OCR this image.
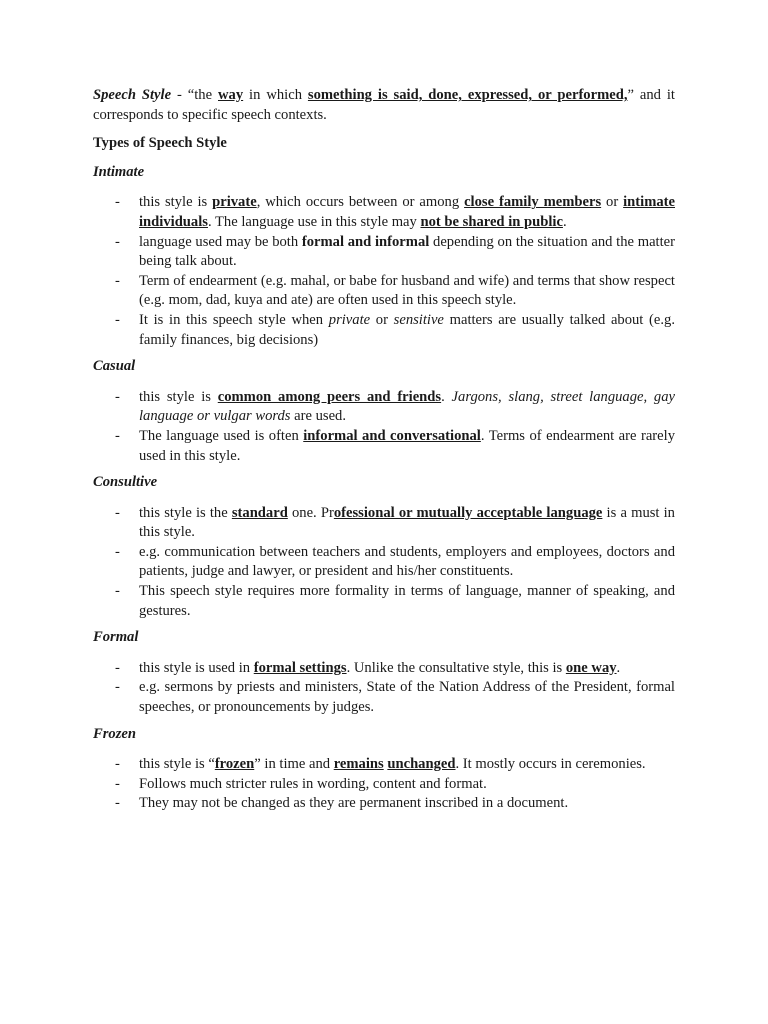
Speech Style - “the way in which something is said, done, expressed, or performed,” and it corresponds to specific speech contexts.

Types of Speech Style

Intimate

- this style is private, which occurs between or among close family members or intimate individuals. The language use in this style may not be shared in public.
- language used may be both formal and informal depending on the situation and the matter being talk about.
- Term of endearment (e.g. mahal, or babe for husband and wife) and terms that show respect (e.g. mom, dad, kuya and ate) are often used in this speech style.
- It is in this speech style when private or sensitive matters are usually talked about (e.g. family finances, big decisions)

Casual

- this style is common among peers and friends. Jargons, slang, street language, gay language or vulgar words are used.
- The language used is often informal and conversational. Terms of endearment are rarely used in this style.

Consultive

- this style is the standard one. Professional or mutually acceptable language is a must in this style.
- e.g. communication between teachers and students, employers and employees, doctors and patients, judge and lawyer, or president and his/her constituents.
- This speech style requires more formality in terms of language, manner of speaking, and gestures.

Formal

- this style is used in formal settings. Unlike the consultative style, this is one way.
- e.g. sermons by priests and ministers, State of the Nation Address of the President, formal speeches, or pronouncements by judges.

Frozen

- this style is “frozen” in time and remains unchanged. It mostly occurs in ceremonies.
- Follows much stricter rules in wording, content and format.
- They may not be changed as they are permanent inscribed in a document.
